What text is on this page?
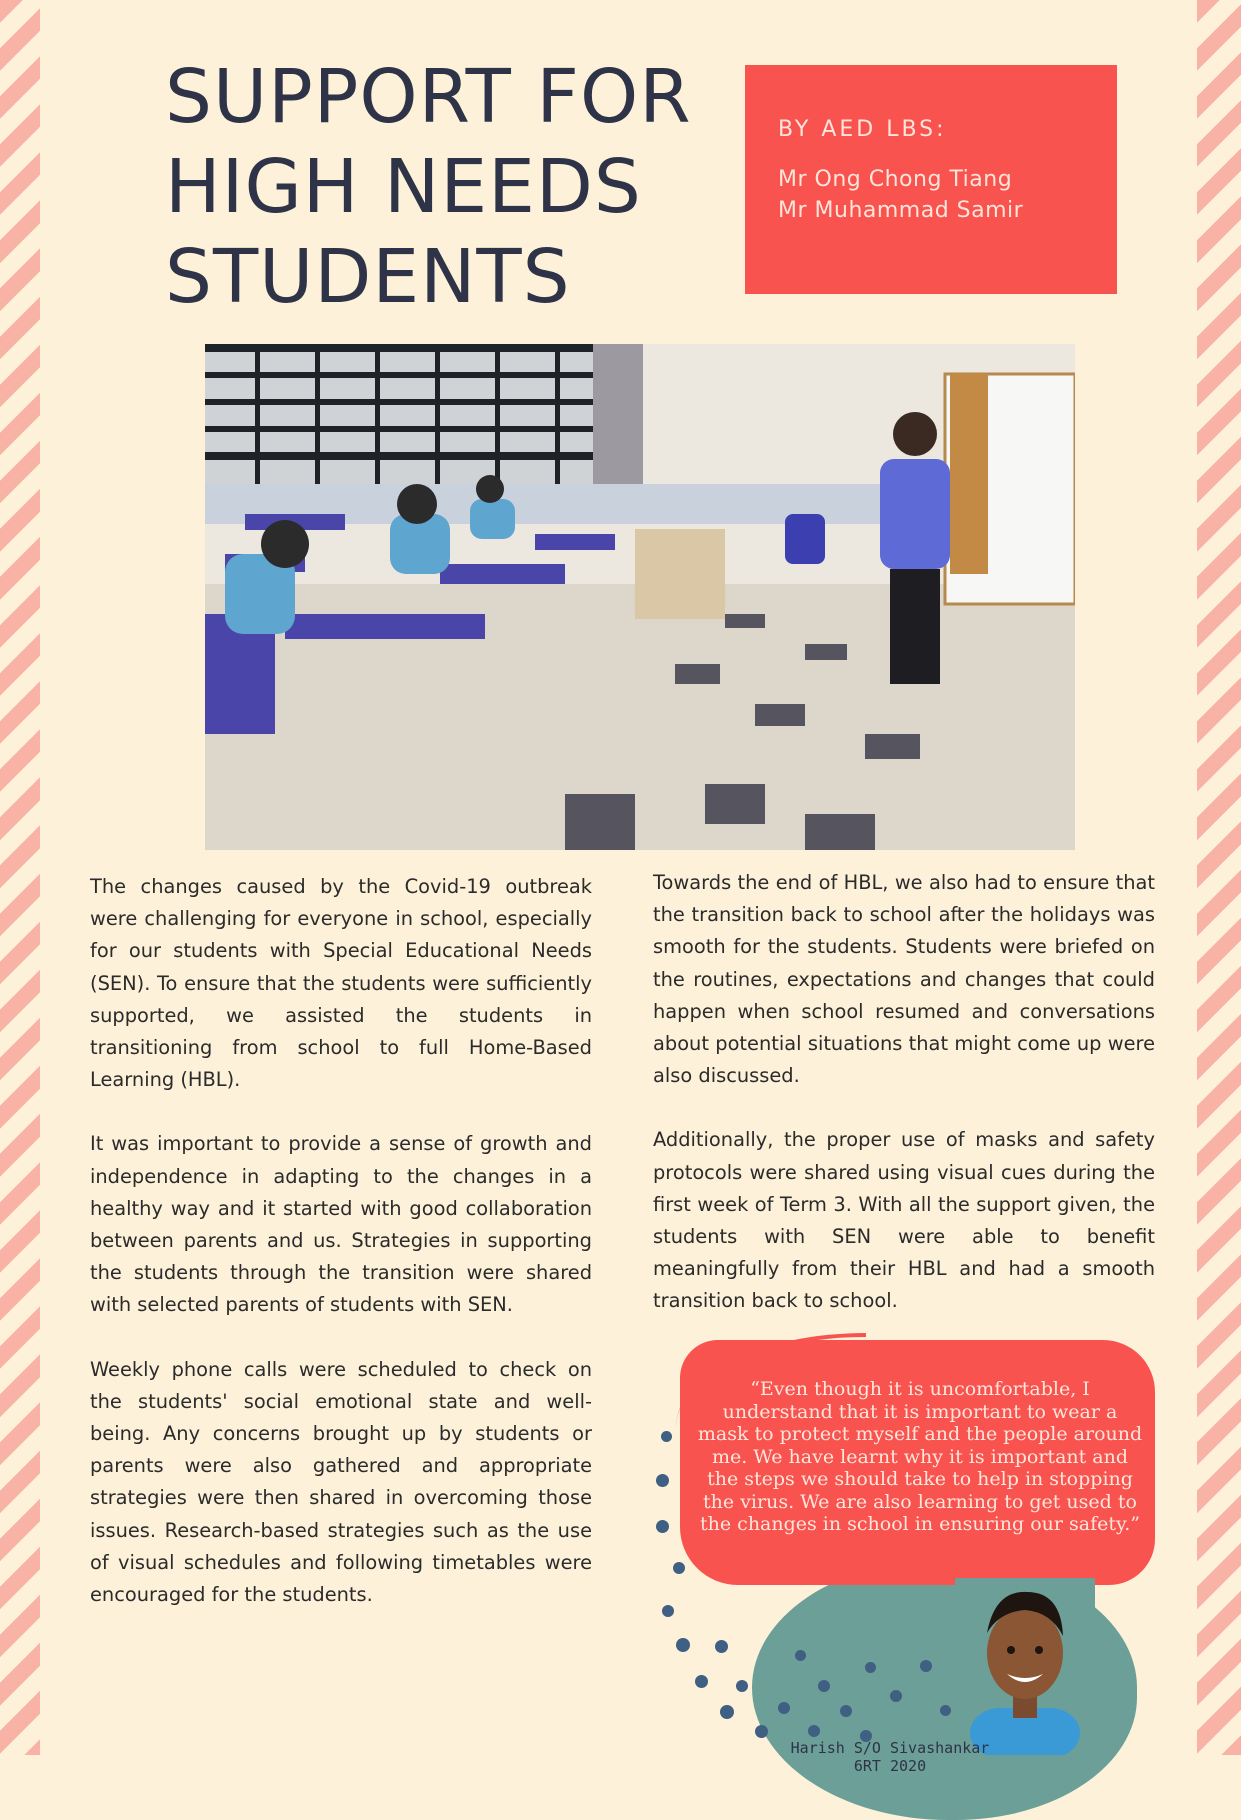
SUPPORT FOR
HIGH NEEDS
STUDENTS
BY AED LBS:
Mr Ong Chong Tiang
Mr Muhammad Samir

The changes caused by the Covid-19 outbreak were challenging for everyone in school, especially for our students with Special Educational Needs (SEN). To ensure that the students were sufficiently supported, we assisted the students in transitioning from school to full Home-Based Learning (HBL).

It was important to provide a sense of growth and independence in adapting to the changes in a healthy way and it started with good collaboration between parents and us. Strategies in supporting the students through the transition were shared with selected parents of students with SEN.

Weekly phone calls were scheduled to check on the students' social emotional state and well-being. Any concerns brought up by students or parents were also gathered and appropriate strategies were then shared in overcoming those issues. Research-based strategies such as the use of visual schedules and following timetables were encouraged for the students.

Towards the end of HBL, we also had to ensure that the transition back to school after the holidays was smooth for the students. Students were briefed on the routines, expectations and changes that could happen when school resumed and conversations about potential situations that might come up were also discussed.

Additionally, the proper use of masks and safety protocols were shared using visual cues during the first week of Term 3. With all the support given, the students with SEN were able to benefit meaningfully from their HBL and had a smooth transition back to school.

“Even though it is uncomfortable, I understand that it is important to wear a mask to protect myself and the people around me. We have learnt why it is important and the steps we should take to help in stopping the virus. We are also learning to get used to the changes in school in ensuring our safety.”
Harish S/O Sivashankar
6RT 2020
